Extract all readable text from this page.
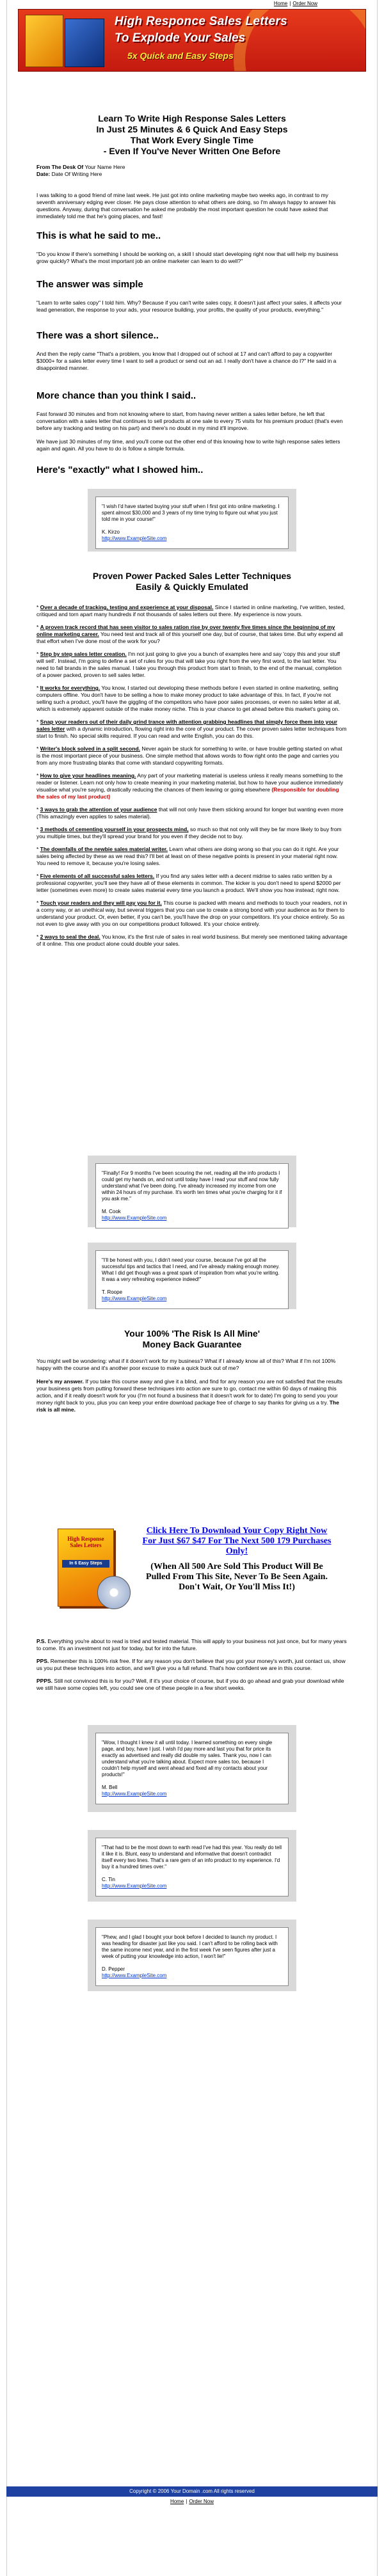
Home | Order Now
High Responce Sales Letters
To Explode Your Sales
5x Quick and Easy Steps
Learn To Write High Response Sales Letters
In Just 25 Minutes & 6 Quick And Easy Steps
That Work Every Single Time
- Even If You've Never Written One Before
From The Desk Of Your Name Here
Date: Date Of Writing Here

I was talking to a good friend of mine last week. He just got into online marketing maybe two weeks ago, in contrast to my seventh anniversary edging ever closer. He pays close attention to what others are doing, so I'm always happy to answer his questions. Anyway, during that conversation he asked me probably the most important question he could have asked that immediately told me that he's going places, and fast!

This is what he said to me..

"Do you know if there's something I should be working on, a skill I should start developing right now that will help my business grow quickly? What's the most important job an online marketer can learn to do well?"

The answer was simple

"Learn to write sales copy" I told him. Why? Because if you can't write sales copy, it doesn't just affect your sales, it affects your lead generation, the response to your ads, your resource building, your profits, the quality of your products, everything."

There was a short silence..

And then the reply came "That's a problem, you know that I dropped out of school at 17 and can't afford to pay a copywriter $3000+ for a sales letter every time I want to sell a product or send out an ad. I really don't have a chance do I?" He said in a disappointed manner.

More chance than you think I said..

Fast forward 30 minutes and from not knowing where to start, from having never written a sales letter before, he left that conversation with a sales letter that continues to sell products at one sale to every 75 visits for his premium product (that's even before any tracking and testing on his part) and there's no doubt in my mind it'll improve.

We have just 30 minutes of my time, and you'll come out the other end of this knowing how to write high response sales letters again and again. All you have to do is follow a simple formula.

Here's "exactly" what I showed him..
"I wish I'd have started buying your stuff when I first got into online marketing. I spent almost $30,000 and 3 years of my time trying to figure out what you just told me in your course!"
K. Kirzo
http://www.ExampleSite.com
Proven Power Packed Sales Letter Techniques
Easily & Quickly Emulated

* Over a decade of tracking, testing and experience at your disposal. Since I started in online marketing, I've written, tested, critiqued and torn apart many hundreds if not thousands of sales letters out there. My experience is now yours.

* A proven track record that has seen visitor to sales ration rise by over twenty five times since the beginning of my online marketing career. You need test and track all of this yourself one day, but of course, that takes time. But why expend all that effort when I've done most of the work for you?

* Step by step sales letter creation. I'm not just going to give you a bunch of examples here and say 'copy this and your stuff will sell'. Instead, I'm going to define a set of rules for you that will take you right from the very first word, to the last letter. You need to fall brands in the sales manual. I take you through this product from start to finish, to the end of the manual, completion of a power packed, proven to sell sales letter.

* It works for everything. You know, I started out developing these methods before I even started in online marketing, selling computers offline. You don't have to be selling a how to make money product to take advantage of this. In fact, if you're not selling such a product, you'll have the giggling of the competitors who have poor sales processes, or even no sales letter at all, which is extremely apparent outside of the make money niche. This is your chance to get ahead before this market's going on.

* Snap your readers out of their daily grind trance with attention grabbing headlines that simply force them into your sales letter with a dynamic introduction, flowing right into the core of your product. The cover proven sales letter techniques from start to finish. No special skills required. If you can read and write English, you can do this.

* Writer's block solved in a split second. Never again be stuck for something to write, or have trouble getting started on what is the most important piece of your business. One simple method that allows words to flow right onto the page and carries you from any more frustrating blanks that come with standard copywriting formats.

* How to give your headlines meaning. Any part of your marketing material is useless unless it really means something to the reader or listener. Learn not only how to create meaning in your marketing material, but how to have your audience immediately visualise what you're saying, drastically reducing the chances of them leaving or going elsewhere (Responsible for doubling the sales of my last product)

* 3 ways to grab the attention of your audience that will not only have them sticking around for longer but wanting even more (This amazingly even applies to sales material).

* 3 methods of cementing yourself in your prospects mind, so much so that not only will they be far more likely to buy from you multiple times, but they'll spread your brand for you even if they decide not to buy.

* The downfalls of the newbie sales material writer. Learn what others are doing wrong so that you can do it right. Are your sales being affected by these as we read this? I'll bet at least on of these negative points is present in your material right now. You need to remove it, because you're losing sales.

* Five elements of all successful sales letters. If you find any sales letter with a decent midrise to sales ratio written by a professional copywriter, you'll see they have all of these elements in common. The kicker is you don't need to spend $2000 per letter (sometimes even more) to create sales material every time you launch a product. We'll show you how instead; right now.

* Touch your readers and they will pay you for it. This course is packed with means and methods to touch your readers, not in a corny way, or an unethical way, but several triggers that you can use to create a strong bond with your audience as for them to understand your product. Or, even better, if you can't be, you'll have the drop on your competitors. It's your choice entirely. So as not even to give away with you on our competitions product followed. It's your choice entirely.

* 2 ways to seal the deal. You know, it's the first rule of sales in real world business. But merely see mentioned taking advantage of it online. This one product alone could double your sales.

"Finally! For 9 months I've been scouring the net, reading all the info products I could get my hands on, and not until today have I read your stuff and now fully understand what I've been doing. I've already increased my income from one within 24 hours of my purchase. It's worth ten times what you're charging for it if you ask me."
M. Cook
http://www.ExampleSite.com
"I'll be honest with you, I didn't need your course, because I've got all the successful tips and tactics that I need, and I've already making enough money. What I did get though was a great spark of inspiration from what you're writing. It was a very refreshing experience indeed!"
T. Roope
http://www.ExampleSite.com
Your 100% 'The Risk Is All Mine'
Money Back Guarantee

You might well be wondering: what if it doesn't work for my business? What if I already know all of this? What if I'm not 100% happy with the course and it's another poor excuse to make a quick buck out of me?

Here's my answer. If you take this course away and give it a blind, and find for any reason you are not satisfied that the results your business gets from putting forward these techniques into action are sure to go, contact me within 60 days of making this action, and if it really doesn't work for you (I'm not found a business that it doesn't work for to date) I'm going to send you your money right back to you, plus you can keep your entire download package free of charge to say thanks for giving us a try. The risk is all mine.

High Response Sales Letters
In 6 Easy Steps
Click Here To Download Your Copy Right Now For Just $67 $47 For The Next 500 179 Purchases Only!
(When All 500 Are Sold This Product Will Be Pulled From This Site, Never To Be Seen Again. Don't Wait, Or You'll Miss It!)

P.S. Everything you're about to read is tried and tested material. This will apply to your business not just once, but for many years to come. It's an investment not just for today, but for into the future.

PPS. Remember this is 100% risk free. If for any reason you don't believe that you got your money's worth, just contact us, show us you put these techniques into action, and we'll give you a full refund. That's how confident we are in this course.

PPPS. Still not convinced this is for you? Well, if it's your choice of course, but if you do go ahead and grab your download while we still have some copies left, you could see one of these people in a few short weeks.

"Wow, I thought I knew it all until today. I learned something on every single page, and boy, have I just. I wish I'd pay more and last you that for price its exactly as advertised and really did double my sales. Thank you, now I can understand what you're talking about. Expect more sales too, because I couldn't help myself and went ahead and fixed all my contacts about your products!"
M. Bell
http://www.ExampleSite.com
"That had to be the most down to earth read I've had this year. You really do tell it like it is. Blunt, easy to understand and informative that doesn't contradict itself every two lines. That's a rare gem of an info product to my experience. I'd buy it a hundred times over."
C. Tin
http://www.ExampleSite.com
"Phew, and I glad I bought your book before I decided to launch my product. I was heading for disaster just like you said. I can't afford to be rolling back with the same income next year, and in the first week I've seen figures after just a week of putting your knowledge into action, I won't lie!"
D. Pepper
http://www.ExampleSite.com
Copyright © 2006 Your Domain .com All rights reserved
Home | Order Now
